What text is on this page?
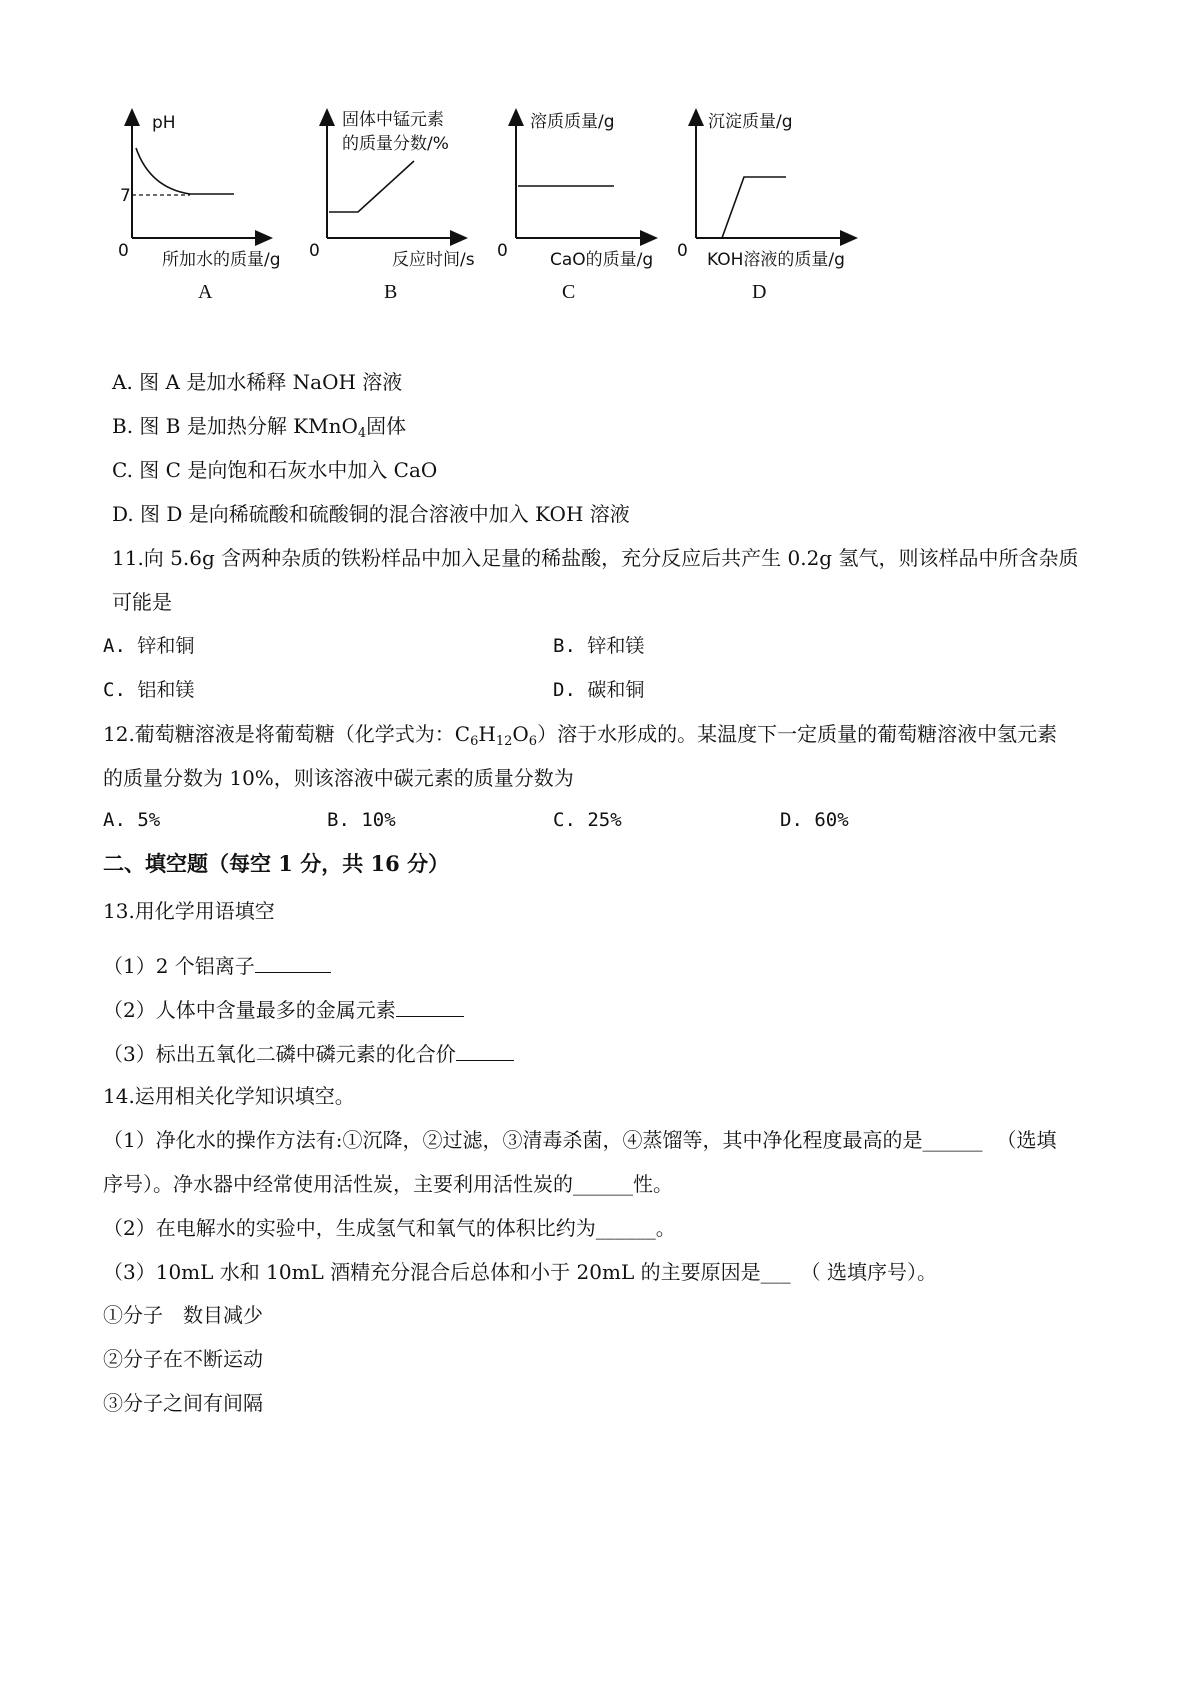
pH
7
0 所加水的质量/g
A
固体中锰元素
的质量分数/%
0	反应时间/s
B
溶质质量/g
0 CaO的质量/g
C
沉淀质量/g
0 KOH溶液的质量/g
D
A. 图 A 是加水稀释 NaOH 溶液
B. 图 B 是加热分解 KMnO$_4$固体
C. 图 C 是向饱和石灰水中加入 CaO
D. 图 D 是向稀硫酸和硫酸铜的混合溶液中加入 KOH 溶液
11.向 5.6g 含两种杂质的铁粉样品中加入足量的稀盐酸，充分反应后共产生 0.2g 氢气，则该样品中所含杂质
可能是
A. 锌和铜	B. 锌和镁
C. 铝和镁	D. 碳和铜
12.葡萄糖溶液是将葡萄糖（化学式为：$C_6H_{12}O_6$）溶于水形成的。某温度下一定质量的葡萄糖溶液中氢元素
的质量分数为 10%，则该溶液中碳元素的质量分数为
A. 5%	B. 10%	C. 25%	D. 60%
二、填空题（每空 1 分，共 16 分）
13.用化学用语填空
（1）2 个铝离子
（2）人体中含量最多的金属元素
（3）标出五氧化二磷中磷元素的化合价
14.运用相关化学知识填空。
（1）净化水的操作方法有:①沉降，②过滤，③清毒杀菌，④蒸馏等，其中净化程度最高的是______ （选填
序号）。净水器中经常使用活性炭，主要利用活性炭的______性。
（2）在电解水的实验中，生成氢气和氧气的体积比约为______。
（3）10mL 水和 10mL 酒精充分混合后总体和小于 20mL 的主要原因是___ （ 选填序号）。
①分子　数目减少
②分子在不断运动
③分子之间有间隔
